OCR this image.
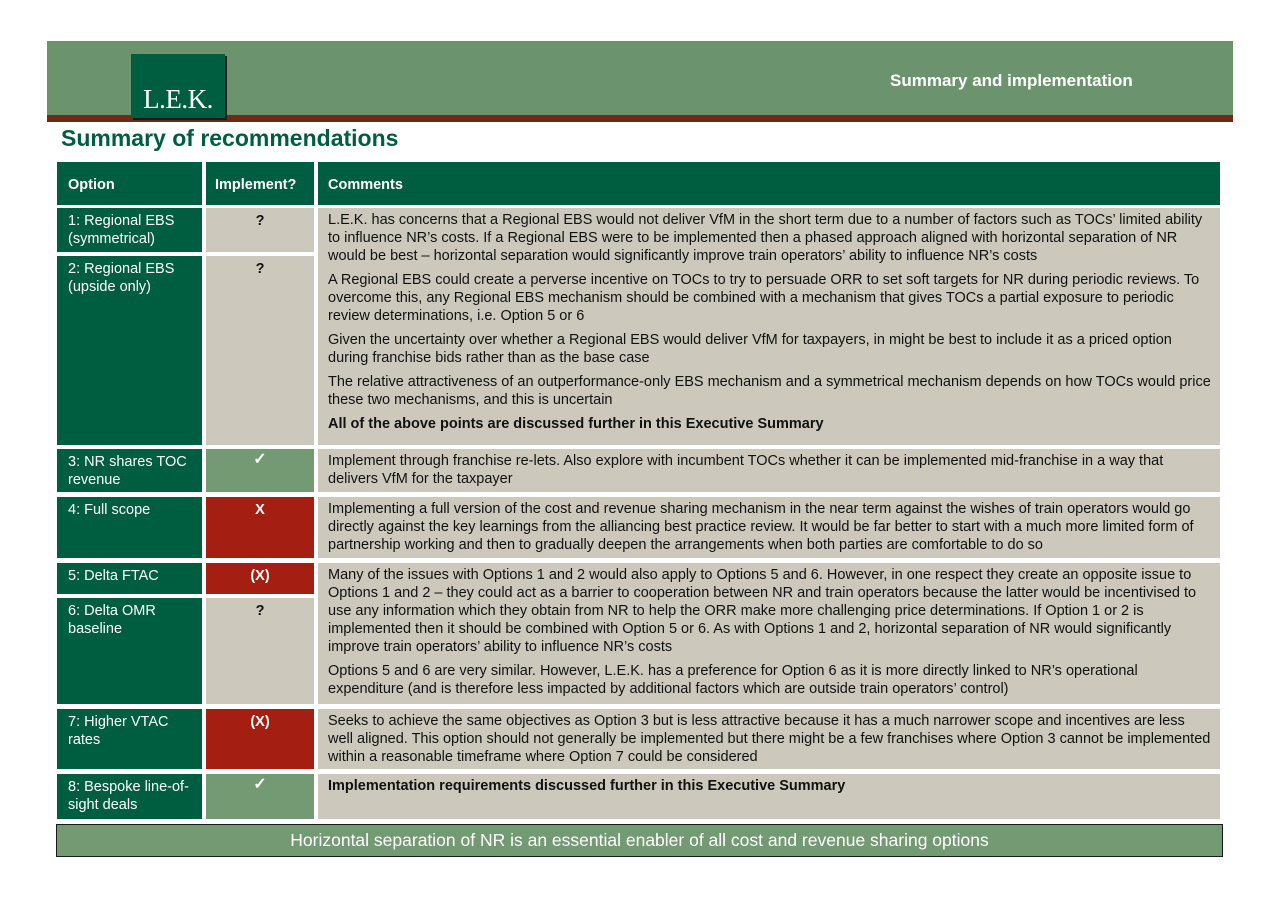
L.E.K.
Summary and implementation
Summary of recommendations
Option	Implement?	Comments
1: Regional EBS (symmetrical)
2: Regional EBS (upside only)
3: NR shares TOC revenue
4: Full scope
5: Delta FTAC
6: Delta OMR baseline
7: Higher VTAC rates
8: Bespoke line-of-sight deals
?
?
✓
X
(X)
?
(X)
✓

L.E.K. has concerns that a Regional EBS would not deliver VfM in the short term due to a number of factors such as TOCs’ limited ability to influence NR’s costs. If a Regional EBS were to be implemented then a phased approach aligned with horizontal separation of NR would be best – horizontal separation would significantly improve train operators’ ability to influence NR’s costs

A Regional EBS could create a perverse incentive on TOCs to try to persuade ORR to set soft targets for NR during periodic reviews. To overcome this, any Regional EBS mechanism should be combined with a mechanism that gives TOCs a partial exposure to periodic review determinations, i.e. Option 5 or 6

Given the uncertainty over whether a Regional EBS would deliver VfM for taxpayers, in might be best to include it as a priced option during franchise bids rather than as the base case

The relative attractiveness of an outperformance-only EBS mechanism and a symmetrical mechanism depends on how TOCs would price these two mechanisms, and this is uncertain

All of the above points are discussed further in this Executive Summary

Implement through franchise re-lets. Also explore with incumbent TOCs whether it can be implemented mid-franchise in a way that delivers VfM for the taxpayer

Implementing a full version of the cost and revenue sharing mechanism in the near term against the wishes of train operators would go directly against the key learnings from the alliancing best practice review. It would be far better to start with a much more limited form of partnership working and then to gradually deepen the arrangements when both parties are comfortable to do so

Many of the issues with Options 1 and 2 would also apply to Options 5 and 6. However, in one respect they create an opposite issue to Options 1 and 2 – they could act as a barrier to cooperation between NR and train operators because the latter would be incentivised to use any information which they obtain from NR to help the ORR make more challenging price determinations. If Option 1 or 2 is implemented then it should be combined with Option 5 or 6. As with Options 1 and 2, horizontal separation of NR would significantly improve train operators’ ability to influence NR’s costs

Options 5 and 6 are very similar. However, L.E.K. has a preference for Option 6 as it is more directly linked to NR’s operational expenditure (and is therefore less impacted by additional factors which are outside train operators’ control)

Seeks to achieve the same objectives as Option 3 but is less attractive because it has a much narrower scope and incentives are less well aligned. This option should not generally be implemented but there might be a few franchises where Option 3 cannot be implemented within a reasonable timeframe where Option 7 could be considered

Implementation requirements discussed further in this Executive Summary

Horizontal separation of NR is an essential enabler of all cost and revenue sharing options
